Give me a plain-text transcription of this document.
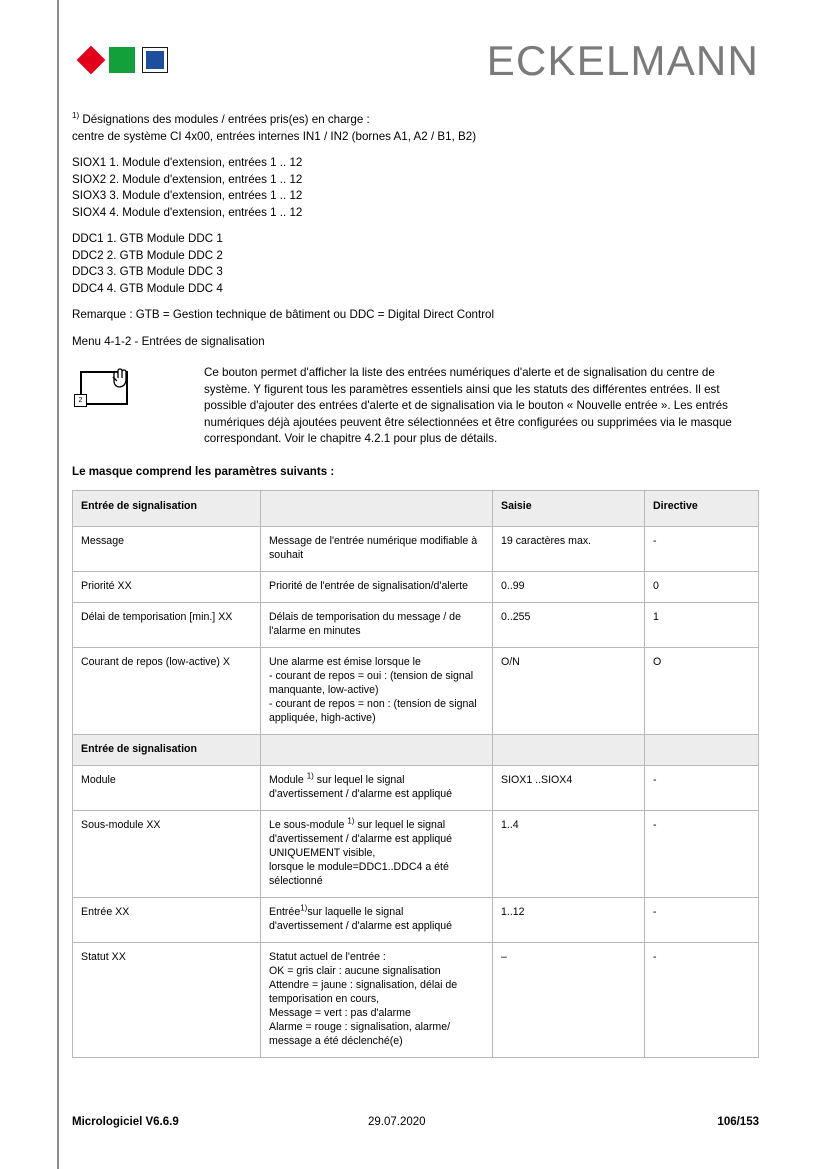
ECKELMANN
$^{1)}$ Désignations des modules / entrées pris(es) en charge :
centre de système CI 4x00, entrées internes IN1 / IN2 (bornes A1, A2 / B1, B2)
SIOX1 1. Module d'extension, entrées 1 .. 12
SIOX2 2. Module d'extension, entrées 1 .. 12
SIOX3 3. Module d'extension, entrées 1 .. 12
SIOX4 4. Module d'extension, entrées 1 .. 12
DDC1 1. GTB Module DDC 1
DDC2 2. GTB Module DDC 2
DDC3 3. GTB Module DDC 3
DDC4 4. GTB Module DDC 4
Remarque : GTB = Gestion technique de bâtiment ou DDC = Digital Direct Control
Menu 4-1-2 - Entrées de signalisation
2

Ce bouton permet d'afficher la liste des entrées numériques d'alerte et de signalisation du centre de système. Y figurent tous les paramètres essentiels ainsi que les statuts des différentes entrées. Il est possible d'ajouter des entrées d'alerte et de signalisation via le bouton « Nouvelle entrée ». Les entrés numériques déjà ajoutées peuvent être sélectionnées et être configurées ou supprimées via le masque correspondant. Voir le chapitre 4.2.1 pour plus de détails.

Le masque comprend les paramètres suivants :
Entrée de signalisation		Saisie	Directive
Message	Message de l'entrée numérique modifiable à
souhait	19 caractères max.	-
Priorité XX	Priorité de l'entrée de signalisation/d'alerte	0..99	0
Délai de temporisation [min.] XX	Délais de temporisation du message / de
l'alarme en minutes	0..255	1
Courant de repos (low-active) X	Une alarme est émise lorsque le
- courant de repos = oui : (tension de signal
manquante, low-active)
- courant de repos = non : (tension de signal
appliquée, high-active)	O/N	O
Entrée de signalisation	

Module	Module $^{1)}$ sur lequel le signal
d'avertissement / d'alarme est appliqué	SIOX1 ..SIOX4	-
Sous-module XX	Le sous-module $^{1)}$ sur lequel le signal
d'avertissement / d'alarme est appliqué
UNIQUEMENT visible,
lorsque le module=DDC1..DDC4 a été
sélectionné	1..4	-
Entrée XX	Entrée$^{1)}$sur laquelle le signal
d'avertissement / d'alarme est appliqué	1..12	-
Statut XX	Statut actuel de l'entrée :
OK = gris clair : aucune signalisation
Attendre = jaune : signalisation, délai de
temporisation en cours,
Message = vert : pas d'alarme
Alarme = rouge : signalisation, alarme/
message a été déclenché(e)
	–	-
Micrologiciel V6.6.9	29.07.2020	106/153
